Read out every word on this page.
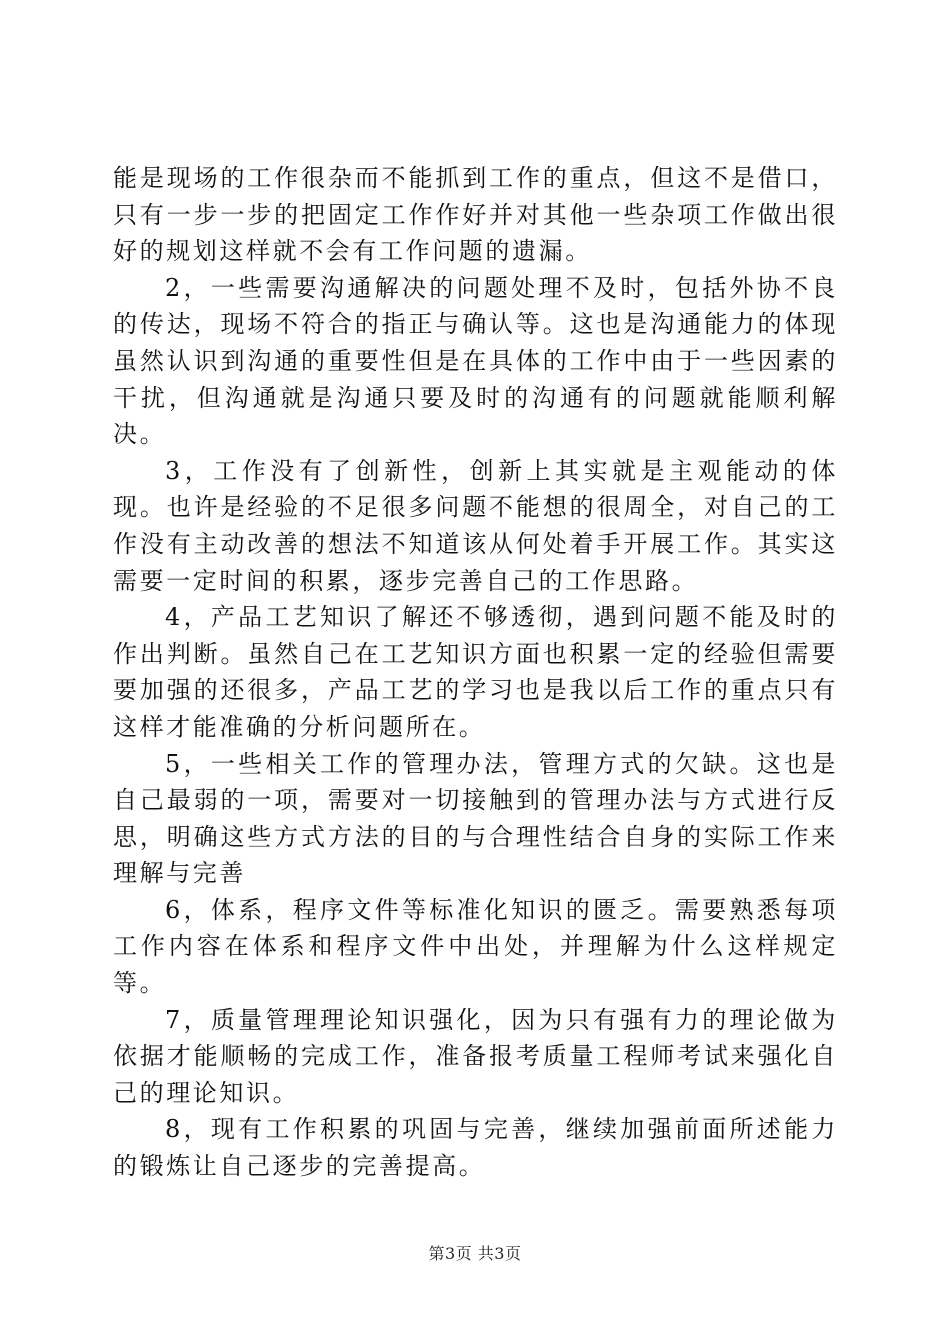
能是现场的工作很杂而不能抓到工作的重点，但这不是借口，只有一步一步的把固定工作作好并对其他一些杂项工作做出很好的规划这样就不会有工作问题的遗漏。

2，一些需要沟通解决的问题处理不及时，包括外协不良的传达，现场不符合的指正与确认等。这也是沟通能力的体现虽然认识到沟通的重要性但是在具体的工作中由于一些因素的干扰，但沟通就是沟通只要及时的沟通有的问题就能顺利解决。

3，工作没有了创新性，创新上其实就是主观能动的体现。也许是经验的不足很多问题不能想的很周全，对自己的工作没有主动改善的想法不知道该从何处着手开展工作。其实这需要一定时间的积累，逐步完善自己的工作思路。

4，产品工艺知识了解还不够透彻，遇到问题不能及时的作出判断。虽然自己在工艺知识方面也积累一定的经验但需要要加强的还很多，产品工艺的学习也是我以后工作的重点只有这样才能准确的分析问题所在。

5，一些相关工作的管理办法，管理方式的欠缺。这也是自己最弱的一项，需要对一切接触到的管理办法与方式进行反思，明确这些方式方法的目的与合理性结合自身的实际工作来理解与完善

6，体系，程序文件等标准化知识的匮乏。需要熟悉每项工作内容在体系和程序文件中出处，并理解为什么这样规定等。

7，质量管理理论知识强化，因为只有强有力的理论做为依据才能顺畅的完成工作，准备报考质量工程师考试来强化自己的理论知识。

8，现有工作积累的巩固与完善，继续加强前面所述能力的锻炼让自己逐步的完善提高。

第3页 共3页
